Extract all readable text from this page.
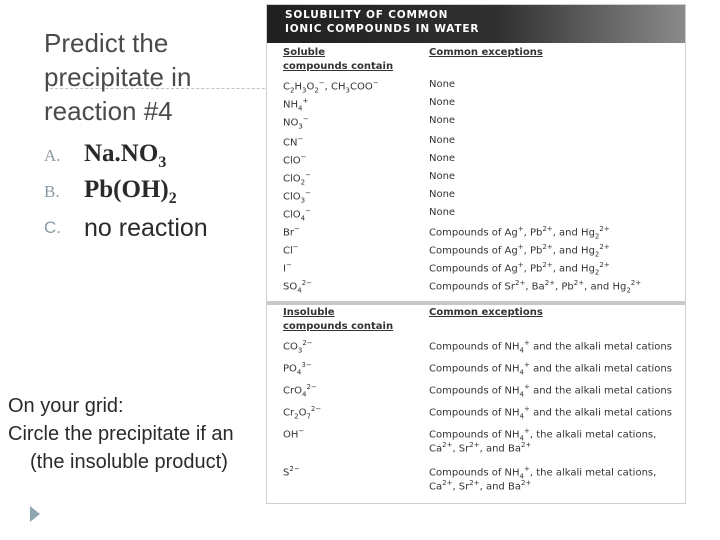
Predict the precipitate in reaction #4
A. $Na.NO_3$
B. $Pb(OH)_2$
C. no reaction
On your grid:
Circle the precipitate if an
(the insoluble product)
SOLUBILITY OF COMMON
IONIC COMPOUNDS IN WATER
Soluble
compounds contain
Common exceptions
$C_2H_3O_2^-$, $CH_3COO^-$	None
$NH_4^+$	None
$NO_3^-$	None
CN−	None
ClO−	None
ClO$_2$−	None
ClO$_3$−	None
ClO$_4$−	None
Br−	Compounds of Ag+, $Pb^{2+}$, and $Hg_2^{2+}$
Cl−	Compounds of Ag+, $Pb^{2+}$, and $Hg_2^{2+}$
I−	Compounds of Ag+, $Pb^{2+}$, and $Hg_2^{2+}$
$SO_4^{2-}$	Compounds of $Sr^{2+}$, $Ba^{2+}$, $Pb^{2+}$, and $Hg_2^{2+}$
Insoluble
compounds contain
Common exceptions
$CO_3^{2-}$	Compounds of $NH_4^+$ and the alkali metal cations
$PO_4^{3-}$	Compounds of $NH_4^+$ and the alkali metal cations
CrO$_4^{2-}$	Compounds of $NH_4^+$ and the alkali metal cations
$Cr_2O_7^{2-}$	Compounds of $NH_4^+$ and the alkali metal cations
OH−	Compounds of $NH_4^+$, the alkali metal cations,
$Ca^{2+}$, $Sr^{2+}$, and $Ba^{2+}$
$S^{2-}$	Compounds of $NH_4^+$, the alkali metal cations,
$Ca^{2+}$, $Sr^{2+}$, and $Ba^{2+}$
